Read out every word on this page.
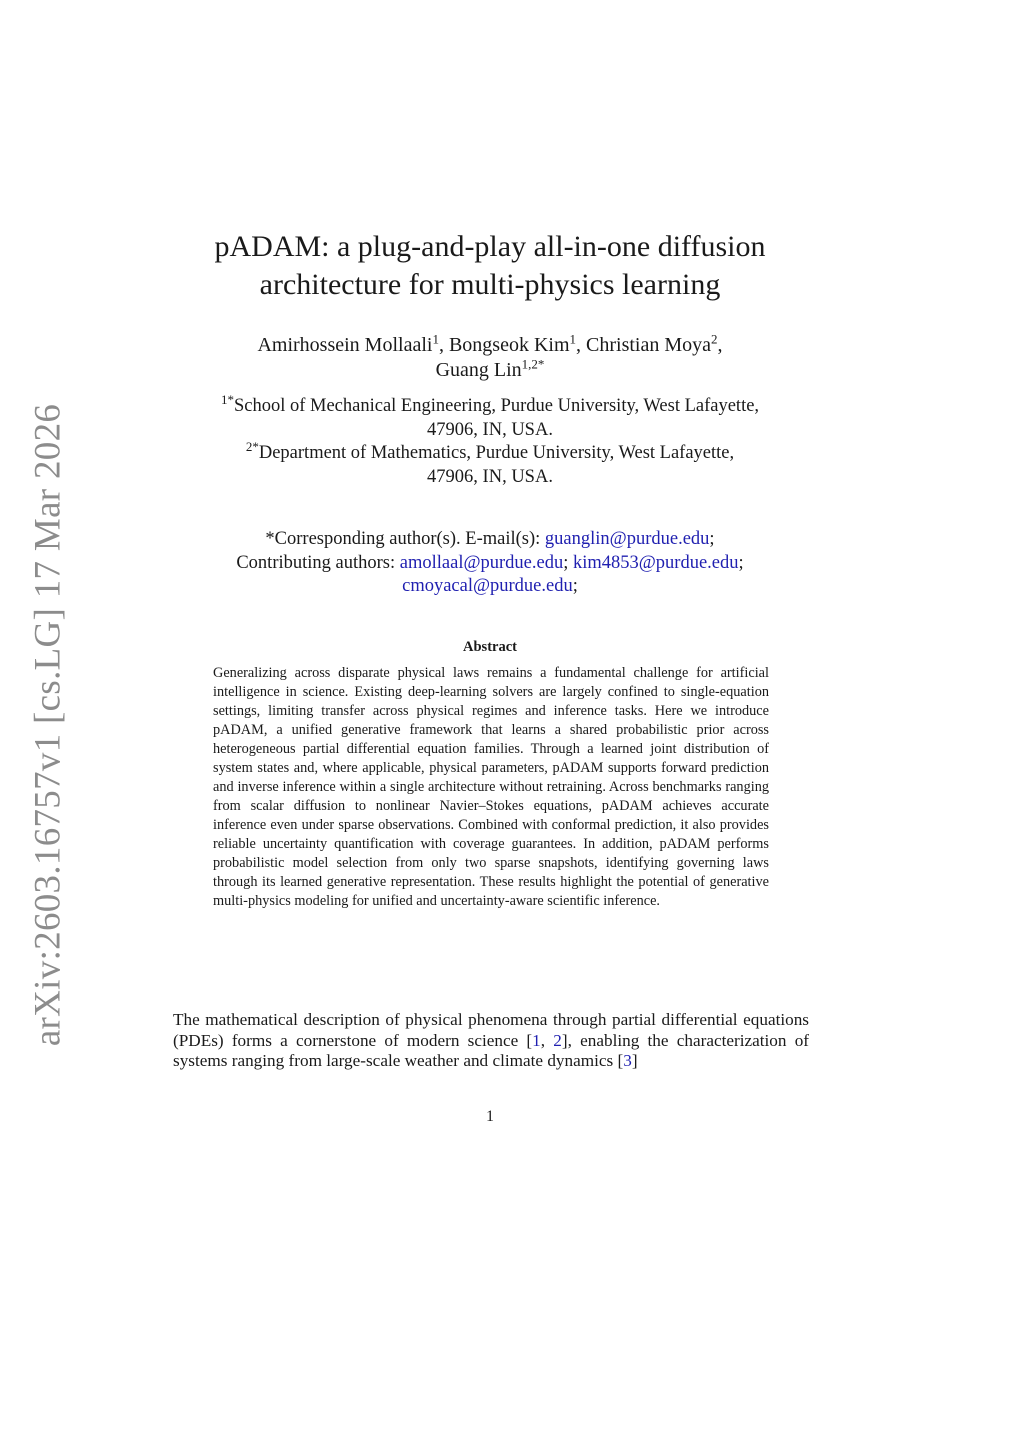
arXiv:2603.16757v1 [cs.LG] 17 Mar 2026
pADAM: a plug-and-play all-in-one diffusion
architecture for multi-physics learning
Amirhossein Mollaali$^1$, Bongseok Kim$^1$, Christian Moya$^2$,
Guang Lin$^{1,2*}$
$^{1*}$School of Mechanical Engineering, Purdue University, West Lafayette,
47906, IN, USA.
$^{2*}$Department of Mathematics, Purdue University, West Lafayette,
47906, IN, USA.
*Corresponding author(s). E-mail(s): guanglin@purdue.edu;
Contributing authors: amollaal@purdue.edu; kim4853@purdue.edu;
cmoyacal@purdue.edu;
Abstract

Generalizing across disparate physical laws remains a fundamental challenge for artificial intelligence in science. Existing deep-learning solvers are largely confined to single-equation settings, limiting transfer across physical regimes and inference tasks. Here we introduce pADAM, a unified generative framework that learns a shared probabilistic prior across heterogeneous partial differential equation families. Through a learned joint distribution of system states and, where applicable, physical parameters, pADAM supports forward prediction and inverse inference within a single architecture without retraining. Across benchmarks ranging from scalar diffusion to nonlinear Navier–Stokes equations, pADAM achieves accurate inference even under sparse observations. Combined with conformal prediction, it also provides reliable uncertainty quantification with coverage guarantees. In addition, pADAM performs probabilistic model selection from only two sparse snapshots, identifying governing laws through its learned generative representation. These results highlight the potential of generative multi-physics modeling for unified and uncertainty-aware scientific inference.

The mathematical description of physical phenomena through partial differential equations (PDEs) forms a cornerstone of modern science [1, 2], enabling the characterization of systems ranging from large-scale weather and climate dynamics [3]

1
